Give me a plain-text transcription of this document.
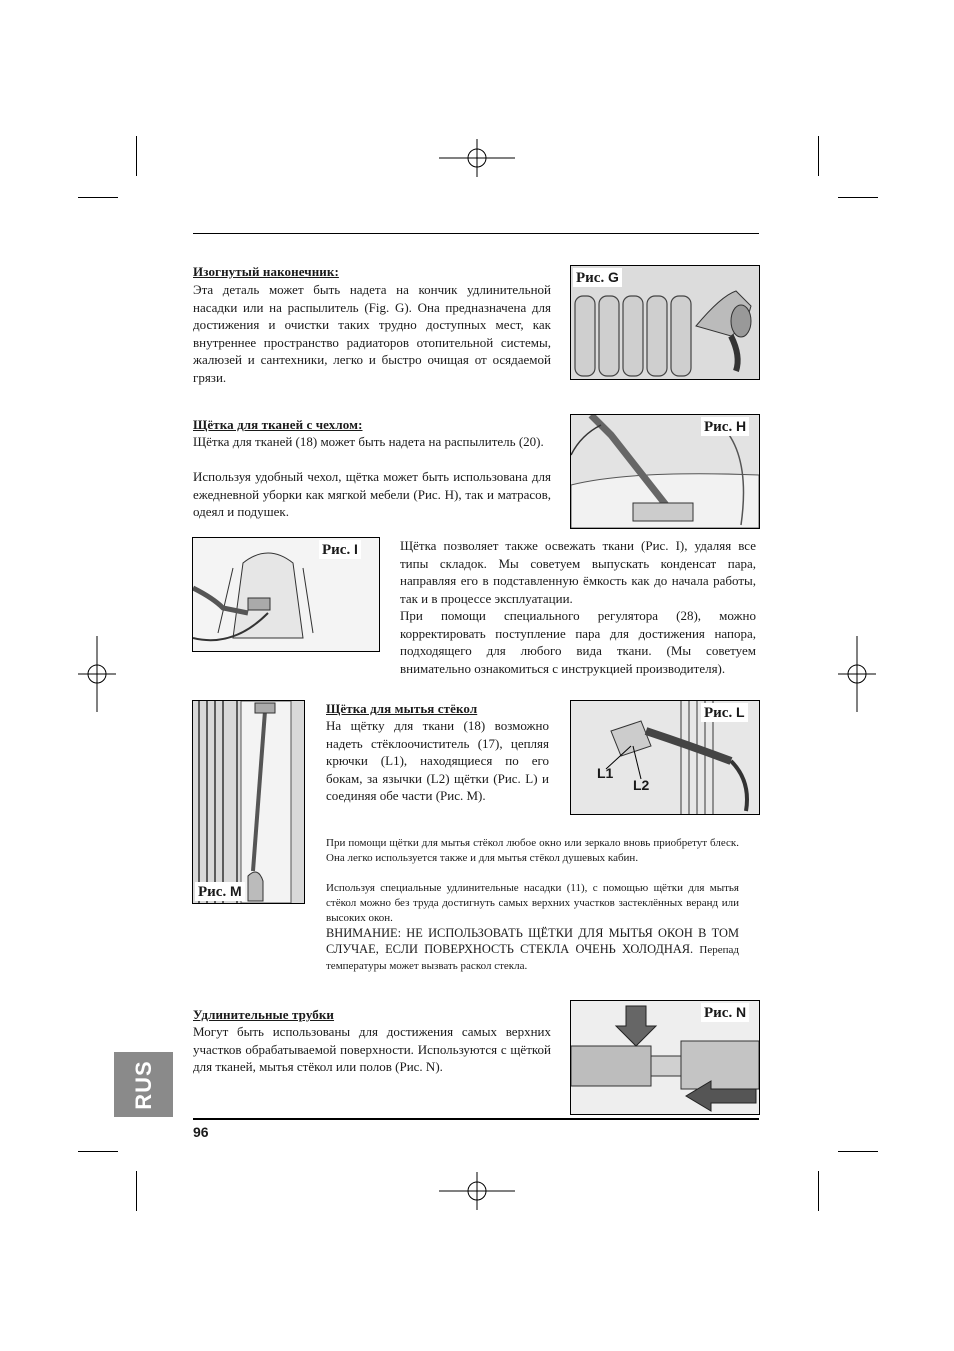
Изогнутый наконечник:
Эта деталь может быть надета на кончик удлинительной насадки или на распылитель (Fig. G). Она предназначена для достижения и очистки таких трудно доступных мест, как внутреннее пространство радиаторов отопительной системы, жалюзей и сантехники, легко и быстро очищая от осядаемой грязи.
Рис. G
Щётка для тканей с чехлом:
Щётка для тканей (18) может быть надета на распылитель (20).
Используя удобный чехол, щётка может быть использована для ежедневной уборки как мягкой мебели (Рис. H), так и матрасов, одеял и подушек.
Рис. H
Рис. I	Щётка позволяет также освежать ткани (Рис. I), удаляя все типы складок. Мы советуем выпускать конденсат пара, направляя его в подставленную ёмкость как до начала работы, так и в процессе эксплуатации.
При помощи специального регулятора (28), можно корректировать поступление пара для достижения напора, подходящего для любого вида ткани. (Мы советуем внимательно ознакомиться с инструкцией производителя).
Рис. M
Щётка для мытья стёкол
На щётку для ткани (18) возможно надеть стёклоочиститель (17), цепляя крючки (L1), находящиеся по его бокам, за язычки (L2) щётки (Рис. L) и соединяя обе части (Рис. M).
Рис. L
L1
L2
При помощи щётки для мытья стёкол любое окно или зеркало вновь приобретут блеск. Она легко используется также и для мытья стёкол душевых кабин.
Используя специальные удлинительные насадки (11), с помощью щётки для мытья стёкол можно без труда достигнуть самых верхних участков застеклённых веранд или высоких окон.
ВНИМАНИЕ: НЕ ИСПОЛЬЗОВАТЬ ЩЁТКИ ДЛЯ МЫТЬЯ ОКОН В ТОМ СЛУЧАЕ, ЕСЛИ ПОВЕРХНОСТЬ СТЕКЛА ОЧЕНЬ ХОЛОДНАЯ. Перепад температуры может вызвать раскол стекла.
Удлинительные трубки
Могут быть использованы для достижения самых верхних участков обрабатываемой поверхности. Используются с щёткой для тканей, мытья стёкол или полов (Рис. N).
Рис. N
RUS
96
